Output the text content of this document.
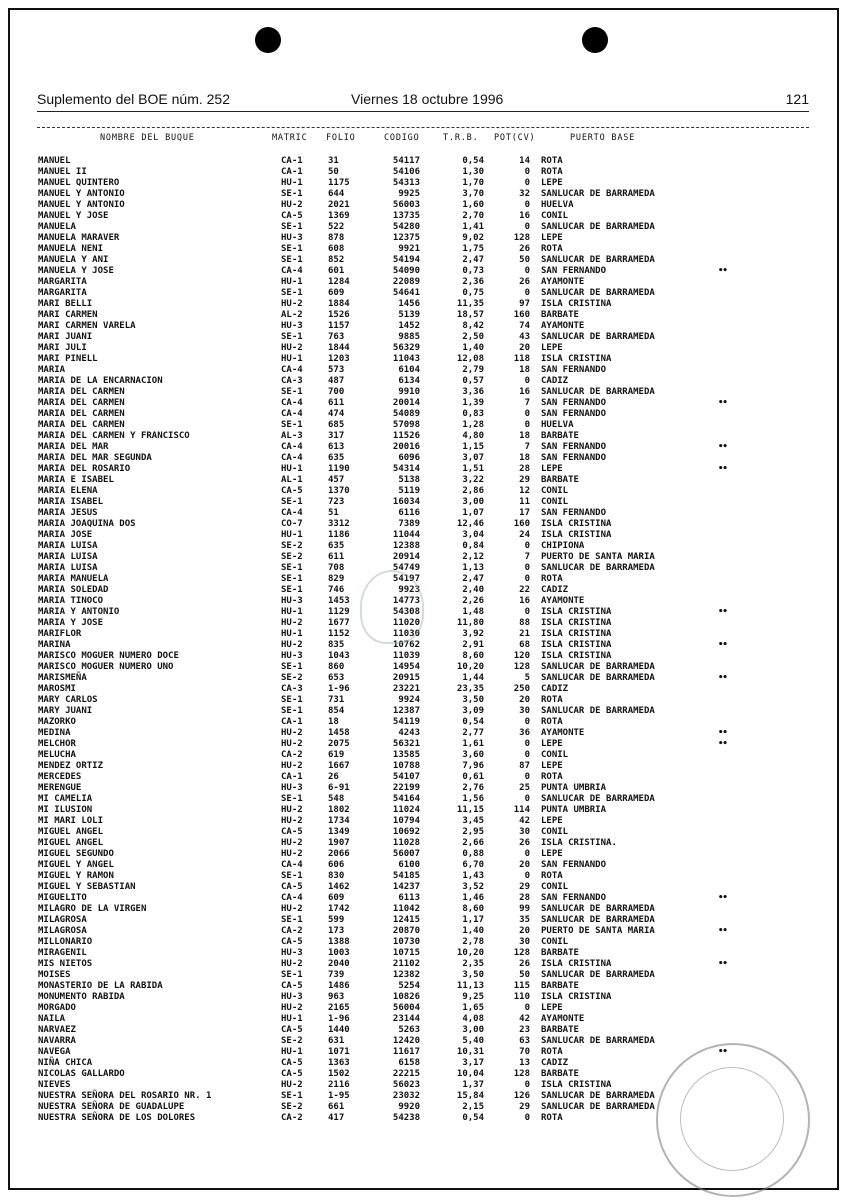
Suplemento del BOE núm. 252	Viernes 18 octubre 1996	121
NOMBRE DEL BUQUE	MATRIC FOLIO	CODIGO	T.R.B. POT(CV)	PUERTO BASE
MANUEL	CA-1	31	54117	0,54	14 ROTA
MANUEL II	CA-1	50	54106	1,30	0 ROTA
MANUEL QUINTERO	HU-1	1175	54313	1,70	0 LEPE
MANUEL Y ANTONIO	SE-1	644	9925	3,70	32 SANLUCAR DE BARRAMEDA
MANUEL Y ANTONIO	HU-2	2021	56003	1,60	0 HUELVA
MANUEL Y JOSE	CA-5	1369	13735	2,70	16 CONIL
MANUELA	SE-1	522	54280	1,41	0 SANLUCAR DE BARRAMEDA
MANUELA MARAVER	HU-3	878	12375	9,02	128 LEPE
MANUELA NENI	SE-1	608	9921	1,75	26 ROTA
MANUELA Y ANI	SE-1	852	54194	2,47	50 SANLUCAR DE BARRAMEDA
MANUELA Y JOSE	CA-4	601	54090	0,73	0 SAN FERNANDO	••
MARGARITA	HU-1	1284	22089	2,36	26 AYAMONTE
MARGARITA	SE-1	609	54641	0,75	0 SANLUCAR DE BARRAMEDA
MARI BELLI	HU-2	1884	1456	11,35	97 ISLA CRISTINA
MARI CARMEN	AL-2	1526	5139	18,57	160 BARBATE
MARI CARMEN VARELA	HU-3	1157	1452	8,42	74 AYAMONTE
MARI JUANI	SE-1	763	9885	2,50	43 SANLUCAR DE BARRAMEDA
MARI JULI	HU-2	1844	56329	1,40	20 LEPE
MARI PINELL	HU-1	1203	11043	12,08	118 ISLA CRISTINA
MARIA	CA-4	573	6104	2,79	18 SAN FERNANDO
MARIA DE LA ENCARNACION	CA-3	487	6134	0,57	0 CADIZ
MARIA DEL CARMEN	SE-1	700	9910	3,36	16 SANLUCAR DE BARRAMEDA
MARIA DEL CARMEN	CA-4	611	20014	1,39	7 SAN FERNANDO	••
MARIA DEL CARMEN	CA-4	474	54089	0,83	0 SAN FERNANDO
MARIA DEL CARMEN	SE-1	685	57098	1,28	0 HUELVA
MARIA DEL CARMEN Y FRANCISCO	AL-3	317	11526	4,80	18 BARBATE
MARIA DEL MAR	CA-4	613	20016	1,15	7 SAN FERNANDO	••
MARIA DEL MAR SEGUNDA	CA-4	635	6096	3,07	18 SAN FERNANDO
MARIA DEL ROSARIO	HU-1	1190	54314	1,51	28 LEPE	••
MARIA E ISABEL	AL-1	457	5138	3,22	29 BARBATE
MARIA ELENA	CA-5	1370	5119	2,86	12 CONIL
MARIA ISABEL	SE-1	723	16034	3,00	11 CONIL
MARIA JESUS	CA-4	51	6116	1,07	17 SAN FERNANDO
MARIA JOAQUINA DOS	CO-7	3312	7389	12,46	160 ISLA CRISTINA
MARIA JOSE	HU-1	1186	11044	3,04	24 ISLA CRISTINA
MARIA LUISA	SE-2	635	12388	0,84	0 CHIPIONA
MARIA LUISA	SE-2	611	20914	2,12	7 PUERTO DE SANTA MARIA
MARIA LUISA	SE-1	708	54749	1,13	0 SANLUCAR DE BARRAMEDA
MARIA MANUELA	SE-1	829	54197	2,47	0 ROTA
MARIA SOLEDAD	SE-1	746	9923	2,40	22 CADIZ
MARIA TINOCO	HU-3	1453	14773	2,26	16 AYAMONTE
MARIA Y ANTONIO	HU-1	1129	54308	1,48	0 ISLA CRISTINA	••
MARIA Y JOSE	HU-2	1677	11020	11,80	88 ISLA CRISTINA
MARIFLOR	HU-1	1152	11030	3,92	21 ISLA CRISTINA
MARINA	HU-2	835	10762	2,91	68 ISLA CRISTINA	••
MARISCO MOGUER NUMERO DOCE	HU-3	1043	11039	8,60	120 ISLA CRISTINA
MARISCO MOGUER NUMERO UNO	SE-1	860	14954	10,20	128 SANLUCAR DE BARRAMEDA
MARISMEÑA	SE-2	653	20915	1,44	5 SANLUCAR DE BARRAMEDA	••
MAROSMI	CA-3	1-96	23221	23,35	250 CADIZ
MARY CARLOS	SE-1	731	9924	3,50	20 ROTA
MARY JUANI	SE-1	854	12387	3,09	30 SANLUCAR DE BARRAMEDA
MAZORKO	CA-1	18	54119	0,54	0 ROTA
MEDINA	HU-2	1458	4243	2,77	36 AYAMONTE	••
MELCHOR	HU-2	2075	56321	1,61	0 LEPE	••
MELUCHA	CA-2	619	13585	3,60	0 CONIL
MENDEZ ORTIZ	HU-2	1667	10788	7,96	87 LEPE
MERCEDES	CA-1	26	54107	0,61	0 ROTA
MERENGUE	HU-3	6-91	22199	2,76	25 PUNTA UMBRIA
MI CAMELIA	SE-1	548	54164	1,56	0 SANLUCAR DE BARRAMEDA
MI ILUSION	HU-2	1802	11024	11,15	114 PUNTA UMBRIA
MI MARI LOLI	HU-2	1734	10794	3,45	42 LEPE
MIGUEL ANGEL	CA-5	1349	10692	2,95	30 CONIL
MIGUEL ANGEL	HU-2	1907	11028	2,66	26 ISLA CRISTINA.
MIGUEL SEGUNDO	HU-2	2066	56007	0,88	0 LEPE
MIGUEL Y ANGEL	CA-4	606	6100	6,70	20 SAN FERNANDO
MIGUEL Y RAMON	SE-1	830	54185	1,43	0 ROTA
MIGUEL Y SEBASTIAN	CA-5	1462	14237	3,52	29 CONIL
MIGUELITO	CA-4	609	6113	1,46	28 SAN FERNANDO	••
MILAGRO DE LA VIRGEN	HU-2	1742	11042	8,60	99 SANLUCAR DE BARRAMEDA
MILAGROSA	SE-1	599	12415	1,17	35 SANLUCAR DE BARRAMEDA
MILAGROSA	CA-2	173	20870	1,40	20 PUERTO DE SANTA MARIA	••
MILLONARIO	CA-5	1388	10730	2,78	30 CONIL
MIRAGENIL	HU-3	1003	10715	10,20	128 BARBATE
MIS NIETOS	HU-2	2040	21102	2,35	26 ISLA CRISTINA	••
MOISES	SE-1	739	12382	3,50	50 SANLUCAR DE BARRAMEDA
MONASTERIO DE LA RABIDA	CA-5	1486	5254	11,13	115 BARBATE
MONUMENTO RABIDA	HU-3	963	10826	9,25	110 ISLA CRISTINA
MORGADO	HU-2	2165	56004	1,65	0 LEPE
NAILA	HU-1	1-96	23144	4,08	42 AYAMONTE
NARVAEZ	CA-5	1440	5263	3,00	23 BARBATE
NAVARRA	SE-2	631	12420	5,40	63 SANLUCAR DE BARRAMEDA
NAVEGA	HU-1	1071	11617	10,31	70 ROTA	••
NIÑA CHICA	CA-5	1363	6158	3,17	13 CADIZ
NICOLAS GALLARDO	CA-5	1502	22215	10,04	128 BARBATE
NIEVES	HU-2	2116	56023	1,37	0 ISLA CRISTINA
NUESTRA SEÑORA DEL ROSARIO NR. 1	SE-1	1-95	23032	15,84	126 SANLUCAR DE BARRAMEDA
NUESTRA SEÑORA DE GUADALUPE	SE-2	661	9920	2,15	29 SANLUCAR DE BARRAMEDA
NUESTRA SEÑORA DE LOS DOLORES	CA-2	417	54238	0,54	0 ROTA
